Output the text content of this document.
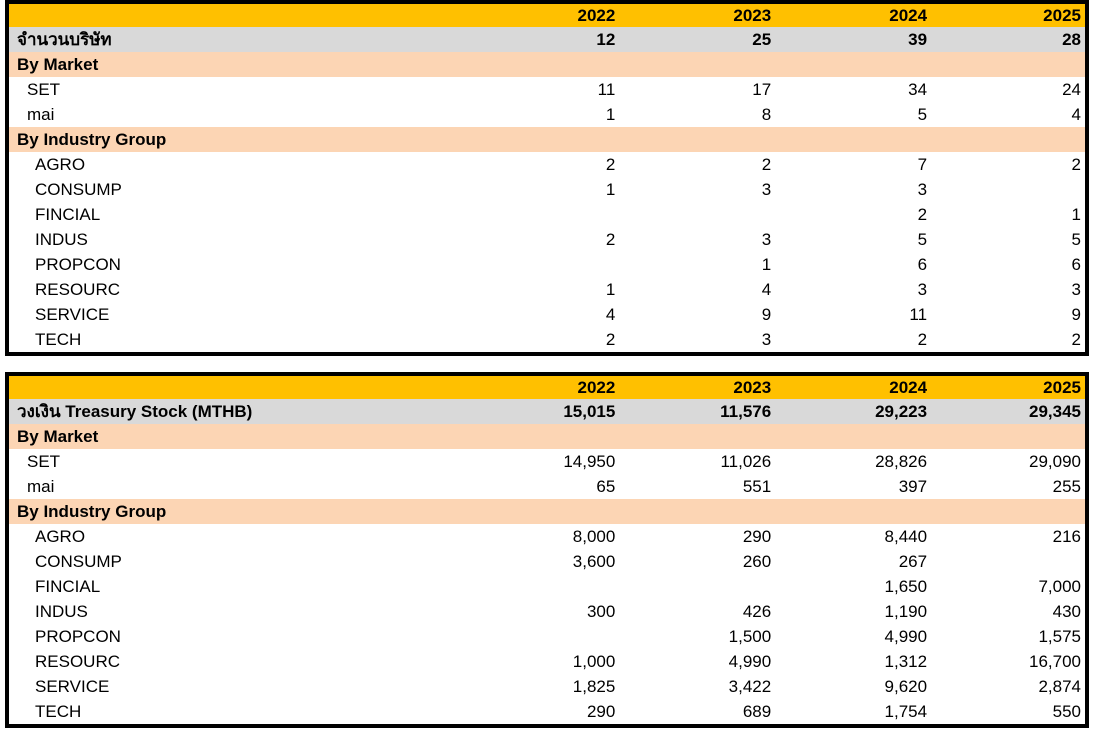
	2022	2023	2024	2025
จำนวนบริษัท	12	25	39	28
By Market				
SET	11	17	34	24
mai	1	8	5	4
By Industry Group				
AGRO	2	2	7	2
CONSUMP	1	3	3	
FINCIAL			2	1
INDUS	2	3	5	5
PROPCON		1	6	6
RESOURC	1	4	3	3
SERVICE	4	9	11	9
TECH	2	3	2	2
	2022	2023	2024	2025
วงเงิน Treasury Stock (MTHB)	15,015	11,576	29,223	29,345
By Market				
SET	14,950	11,026	28,826	29,090
mai	65	551	397	255
By Industry Group				
AGRO	8,000	290	8,440	216
CONSUMP	3,600	260	267	
FINCIAL			1,650	7,000
INDUS	300	426	1,190	430
PROPCON		1,500	4,990	1,575
RESOURC	1,000	4,990	1,312	16,700
SERVICE	1,825	3,422	9,620	2,874
TECH	290	689	1,754	550
